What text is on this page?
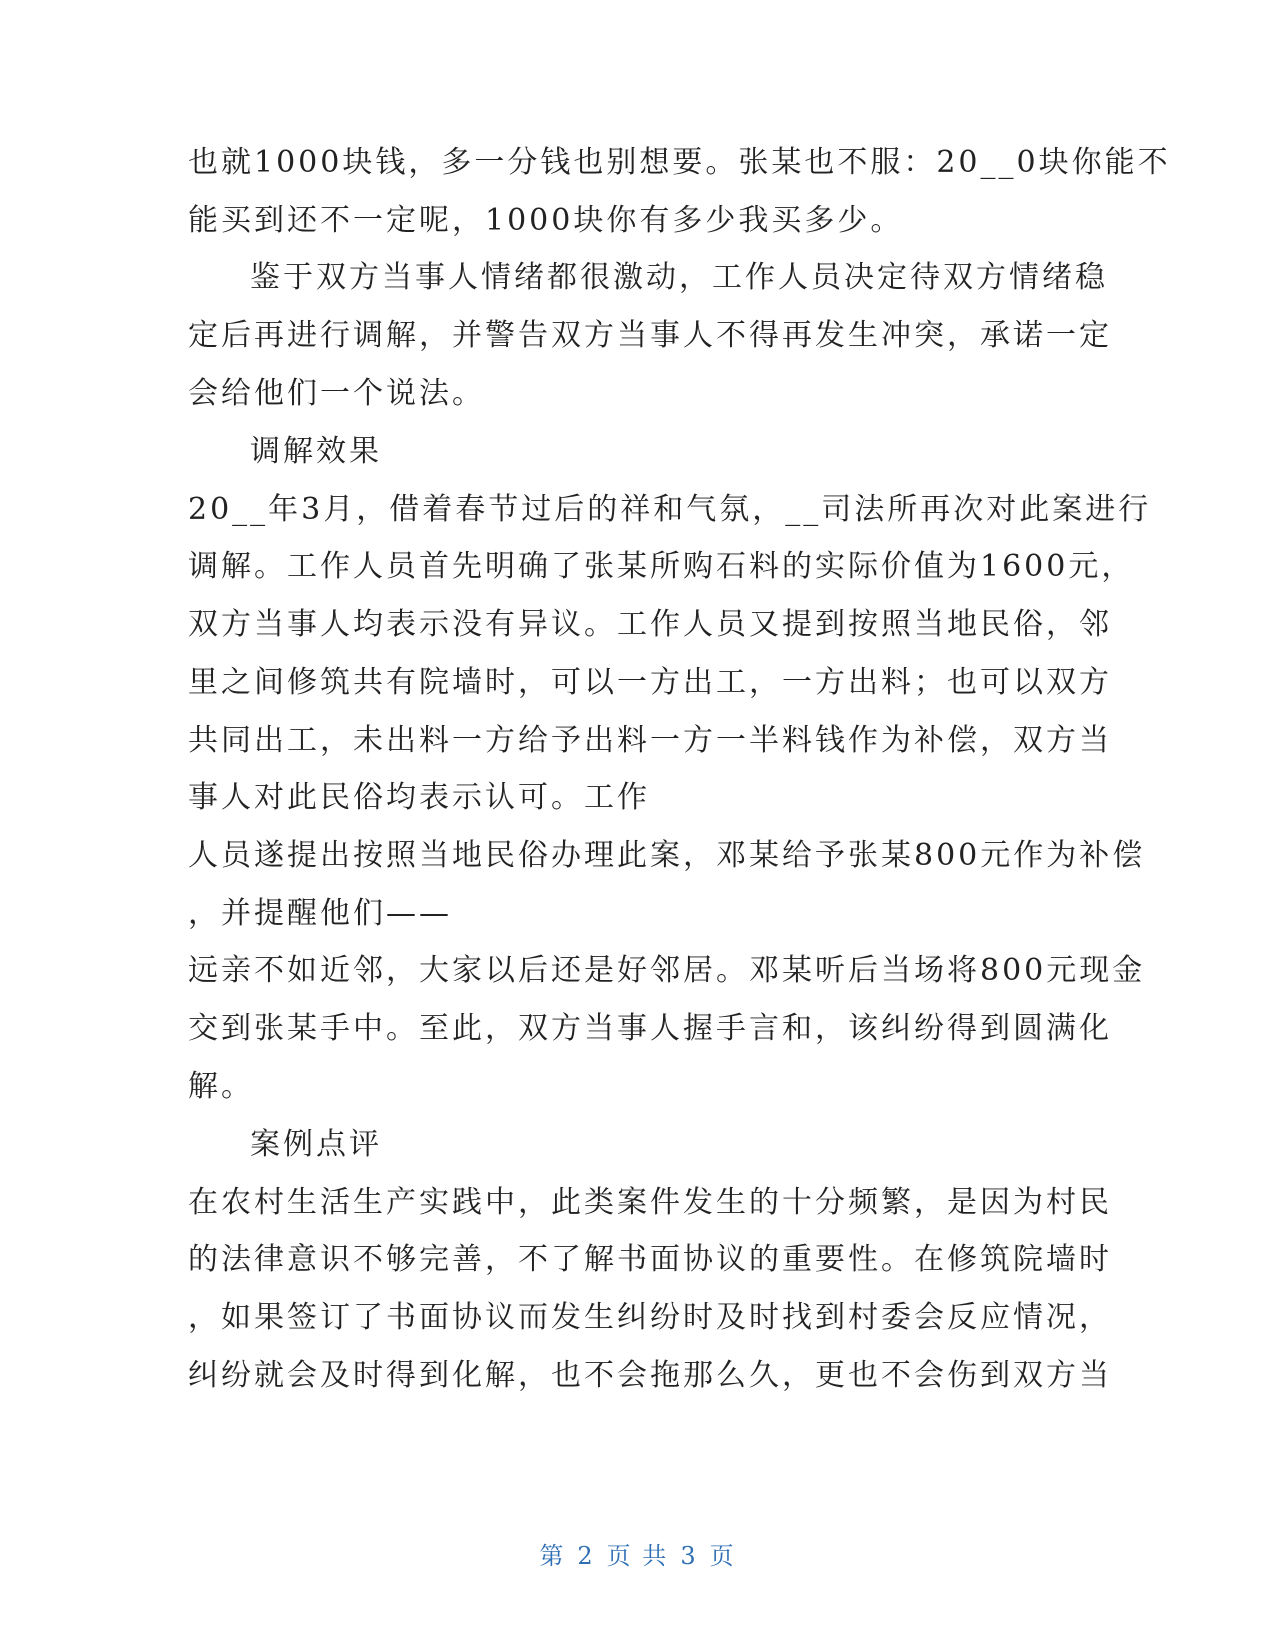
也就1000块钱，多一分钱也别想要。张某也不服：20__0块你能不
能买到还不一定呢，1000块你有多少我买多少。
鉴于双方当事人情绪都很激动，工作人员决定待双方情绪稳
定后再进行调解，并警告双方当事人不得再发生冲突，承诺一定
会给他们一个说法。
调解效果
20__年3月，借着春节过后的祥和气氛，__司法所再次对此案进行
调解。工作人员首先明确了张某所购石料的实际价值为1600元，
双方当事人均表示没有异议。工作人员又提到按照当地民俗，邻
里之间修筑共有院墙时，可以一方出工，一方出料；也可以双方
共同出工，未出料一方给予出料一方一半料钱作为补偿，双方当
事人对此民俗均表示认可。工作
人员遂提出按照当地民俗办理此案，邓某给予张某800元作为补偿
，并提醒他们——
远亲不如近邻，大家以后还是好邻居。邓某听后当场将800元现金
交到张某手中。至此，双方当事人握手言和，该纠纷得到圆满化
解。
案例点评
在农村生活生产实践中，此类案件发生的十分频繁，是因为村民
的法律意识不够完善，不了解书面协议的重要性。在修筑院墙时
，如果签订了书面协议而发生纠纷时及时找到村委会反应情况，
纠纷就会及时得到化解，也不会拖那么久，更也不会伤到双方当
第 2 页 共 3 页
